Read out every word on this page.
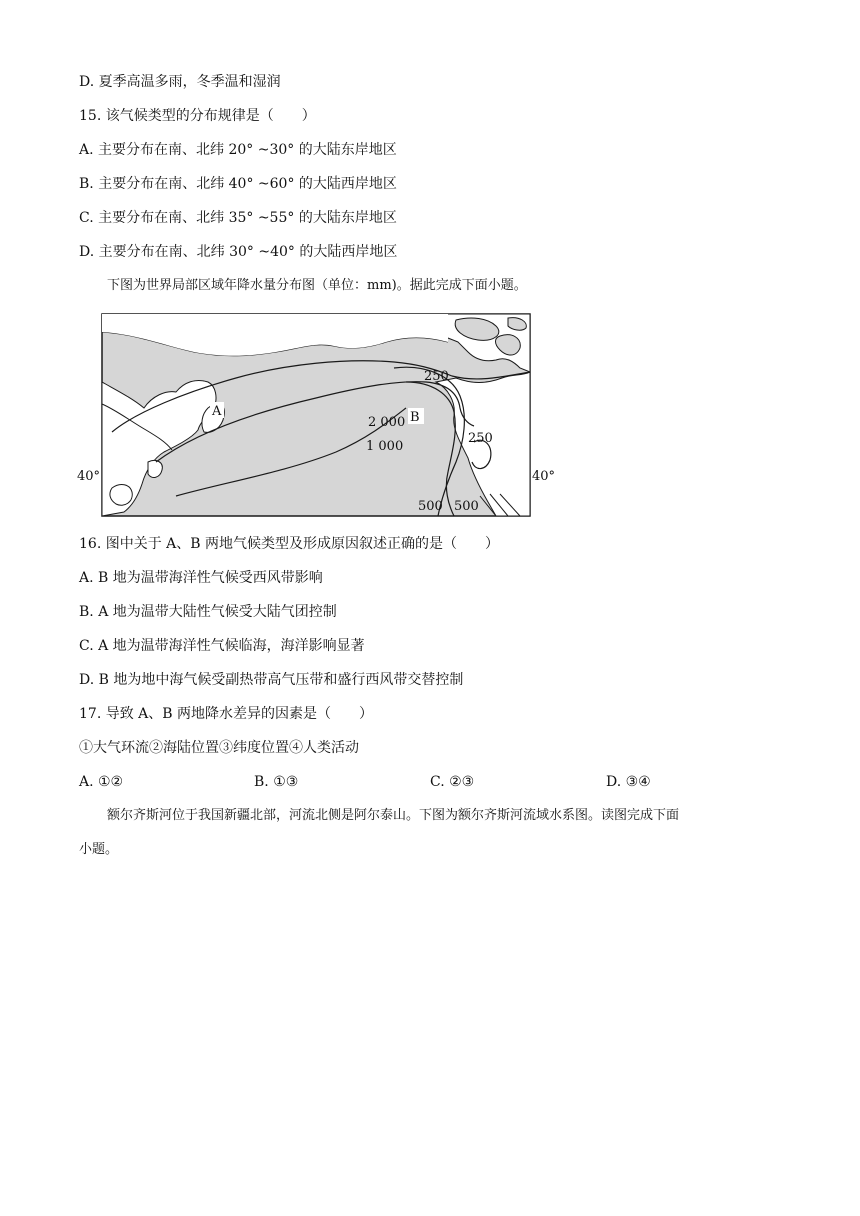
D. 夏季高温多雨，冬季温和湿润
15. 该气候类型的分布规律是（　　）
A. 主要分布在南、北纬 20° ~30° 的大陆东岸地区
B. 主要分布在南、北纬 40° ~60° 的大陆西岸地区
C. 主要分布在南、北纬 35° ~55° 的大陆东岸地区
D. 主要分布在南、北纬 30° ~40° 的大陆西岸地区
下图为世界局部区域年降水量分布图（单位：mm)。据此完成下面小题。
A	B
250
2 000
1 000
250
500 500
40°	40°
16. 图中关于 A、B 两地气候类型及形成原因叙述正确的是（　　）
A. B 地为温带海洋性气候受西风带影响
B. A 地为温带大陆性气候受大陆气团控制
C. A 地为温带海洋性气候临海，海洋影响显著
D. B 地为地中海气候受副热带高气压带和盛行西风带交替控制
17. 导致 A、B 两地降水差异的因素是（　　）
①大气环流②海陆位置③纬度位置④人类活动
A. ①②	B. ①③	C. ②③	D. ③④
额尔齐斯河位于我国新疆北部，河流北侧是阿尔泰山。下图为额尔齐斯河流域水系图。读图完成下面
小题。
